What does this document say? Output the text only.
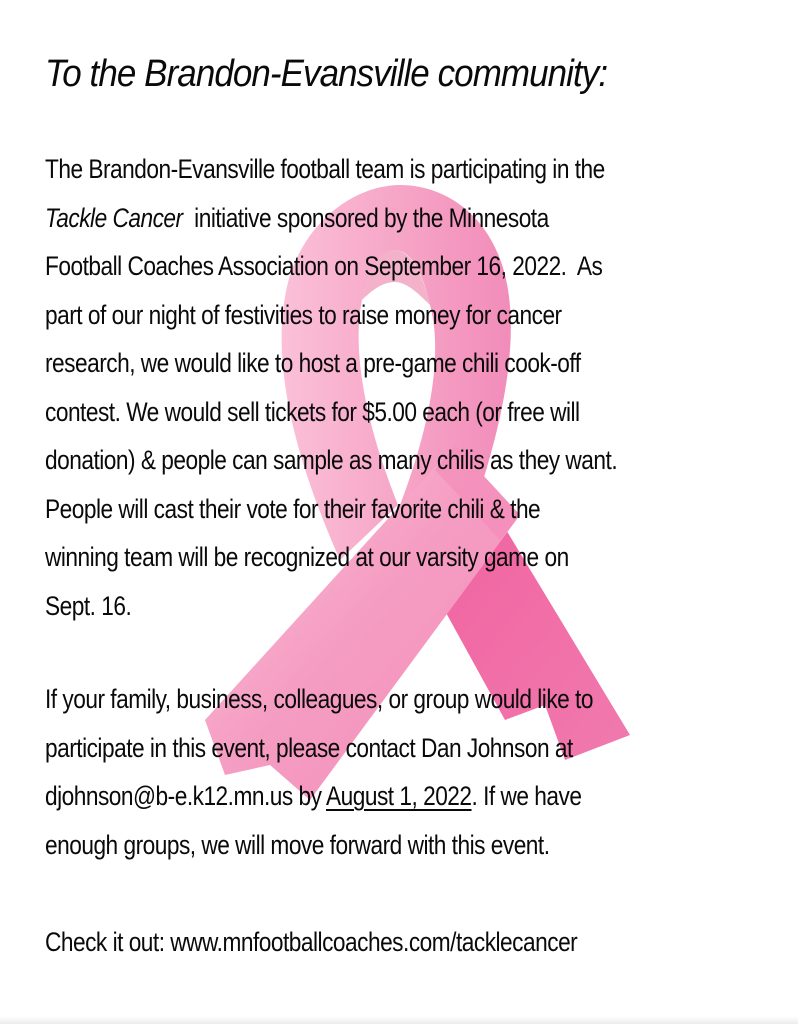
To the Brandon-Evansville community:

The Brandon-Evansville football team is participating in the
Tackle Cancer  initiative sponsored by the Minnesota
Football Coaches Association on September 16, 2022.  As
part of our night of festivities to raise money for cancer
research, we would like to host a pre-game chili cook-off
contest. We would sell tickets for $5.00 each (or free will
donation) & people can sample as many chilis as they want.
People will cast their vote for their favorite chili & the
winning team will be recognized at our varsity game on
Sept. 16.

If your family, business, colleagues, or group would like to
participate in this event, please contact Dan Johnson at
djohnson@b-e.k12.mn.us by August 1, 2022. If we have
enough groups, we will move forward with this event.

Check it out: www.mnfootballcoaches.com/tacklecancer
